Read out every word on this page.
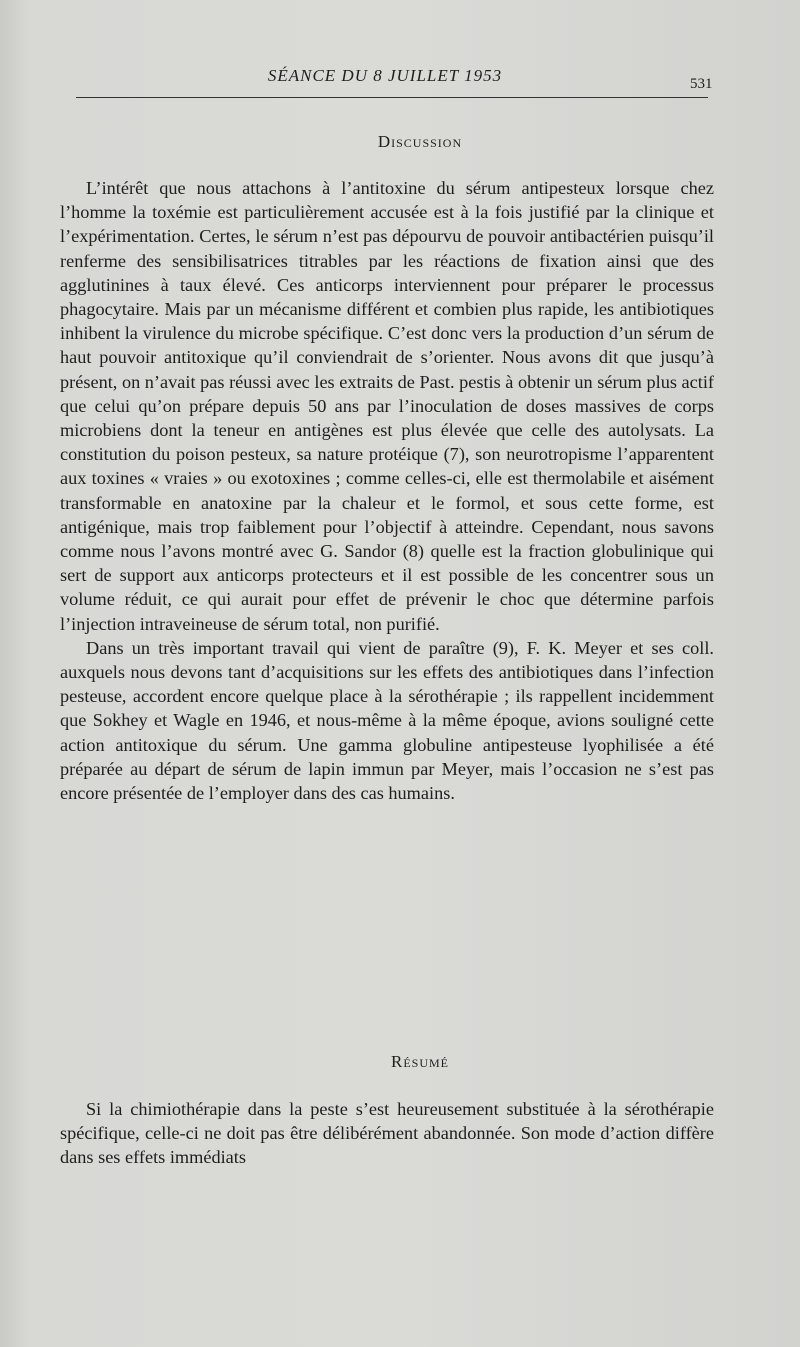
SÉANCE DU 8 JUILLET 1953	531
Discussion

L’intérêt que nous attachons à l’antitoxine du sérum antipesteux lorsque chez l’homme la toxémie est particulièrement accusée est à la fois justifié par la clinique et l’expérimentation. Certes, le sérum n’est pas dépourvu de pouvoir antibactérien puisqu’il renferme des sensibilisatrices titrables par les réactions de fixation ainsi que des agglutinines à taux élevé. Ces anticorps interviennent pour préparer le processus phagocytaire. Mais par un mécanisme différent et combien plus rapide, les antibiotiques inhibent la virulence du microbe spécifique. C’est donc vers la production d’un sérum de haut pouvoir antitoxique qu’il conviendrait de s’orienter. Nous avons dit que jusqu’à présent, on n’avait pas réussi avec les extraits de Past. pestis à obtenir un sérum plus actif que celui qu’on prépare depuis 50 ans par l’inoculation de doses massives de corps microbiens dont la teneur en antigènes est plus élevée que celle des autolysats. La constitution du poison pesteux, sa nature protéique (7), son neurotropisme l’apparentent aux toxines « vraies » ou exotoxines ; comme celles-ci, elle est thermolabile et aisément transformable en anatoxine par la chaleur et le formol, et sous cette forme, est antigénique, mais trop faiblement pour l’objectif à atteindre. Cependant, nous savons comme nous l’avons montré avec G. Sandor (8) quelle est la fraction globulinique qui sert de support aux anticorps protecteurs et il est possible de les concentrer sous un volume réduit, ce qui aurait pour effet de prévenir le choc que détermine parfois l’injection intraveineuse de sérum total, non purifié.

Dans un très important travail qui vient de paraître (9), F. K. Meyer et ses coll. auxquels nous devons tant d’acquisitions sur les effets des antibiotiques dans l’infection pesteuse, accordent encore quelque place à la sérothérapie ; ils rappellent incidemment que Sokhey et Wagle en 1946, et nous-même à la même époque, avions souligné cette action antitoxique du sérum. Une gamma globuline antipesteuse lyophilisée a été préparée au départ de sérum de lapin immun par Meyer, mais l’occasion ne s’est pas encore présentée de l’employer dans des cas humains.

Résumé

Si la chimiothérapie dans la peste s’est heureusement substituée à la sérothérapie spécifique, celle-ci ne doit pas être délibérément abandonnée. Son mode d’action diffère dans ses effets immédiats
